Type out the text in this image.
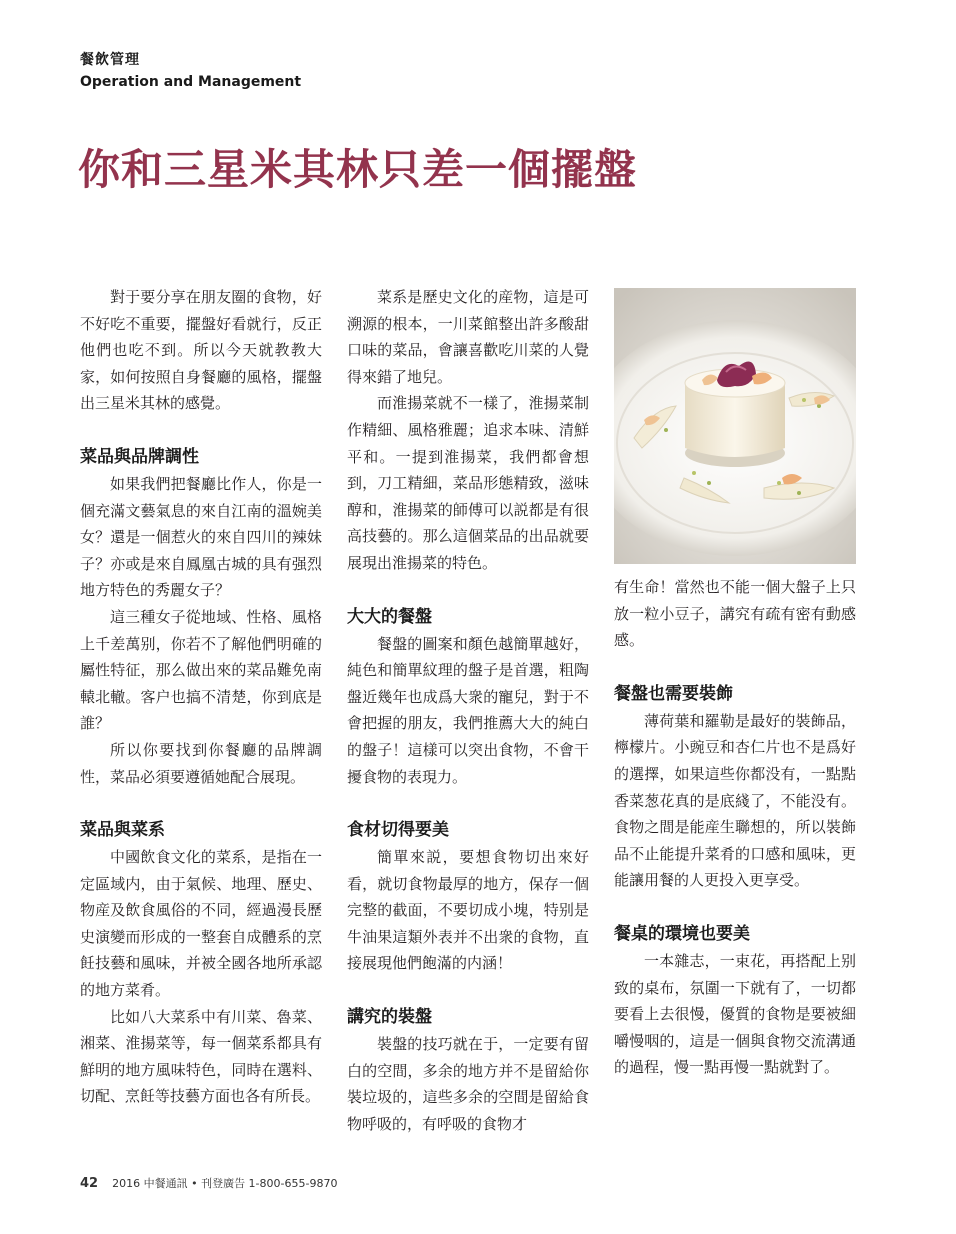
餐飲管理
Operation and Management
你和三星米其林只差一個擺盤

對于要分享在朋友圈的食物，好不好吃不重要，擺盤好看就行，反正他們也吃不到。所以今天就教教大家，如何按照自身餐廳的風格，擺盤出三星米其林的感覺。

菜品與品牌調性

如果我們把餐廳比作人，你是一個充滿文藝氣息的來自江南的溫婉美女？還是一個惹火的來自四川的辣妹子？亦或是來自鳳凰古城的具有强烈地方特色的秀麗女子？

這三種女子從地域、性格、風格上千差萬别，你若不了解他們明確的屬性特征，那么做出來的菜品難免南轅北轍。客户也搞不清楚，你到底是誰？

所以你要找到你餐廳的品牌調性，菜品必須要遵循她配合展現。

菜品與菜系

中國飲食文化的菜系，是指在一定區域内，由于氣候、地理、歷史、物産及飲食風俗的不同，經過漫長歷史演變而形成的一整套自成體系的烹飪技藝和風味，并被全國各地所承認的地方菜肴。

比如八大菜系中有川菜、魯菜、湘菜、淮揚菜等，每一個菜系都具有鮮明的地方風味特色，同時在選料、切配、烹飪等技藝方面也各有所長。

菜系是歷史文化的産物，這是可溯源的根本，一川菜館整出許多酸甜口味的菜品，會讓喜歡吃川菜的人覺得來錯了地兒。

而淮揚菜就不一樣了，淮揚菜制作精細、風格雅麗；追求本味、清鮮平和。一提到淮揚菜，我們都會想到，刀工精細，菜品形態精致，滋味醇和，淮揚菜的師傅可以説都是有很高技藝的。那么這個菜品的出品就要展現出淮揚菜的特色。

大大的餐盤

餐盤的圖案和顏色越簡單越好，純色和簡單紋理的盤子是首選，粗陶盤近幾年也成爲大衆的寵兒，對于不會把握的朋友，我們推薦大大的純白的盤子！這樣可以突出食物，不會干擾食物的表現力。

食材切得要美

簡單來説，要想食物切出來好看，就切食物最厚的地方，保存一個完整的截面，不要切成小塊，特别是牛油果這類外表并不出衆的食物，直接展現他們飽滿的内涵！

講究的裝盤

裝盤的技巧就在于，一定要有留白的空間，多余的地方并不是留給你裝垃圾的，這些多余的空間是留給食物呼吸的，有呼吸的食物才

有生命！當然也不能一個大盤子上只放一粒小豆子，講究有疏有密有動感感。

餐盤也需要裝飾

薄荷葉和羅勒是最好的裝飾品，檸檬片。小豌豆和杏仁片也不是爲好的選擇，如果這些你都没有，一點點香菜葱花真的是底綫了，不能没有。食物之間是能産生聯想的，所以裝飾品不止能提升菜肴的口感和風味，更能讓用餐的人更投入更享受。

餐桌的環境也要美

一本雜志，一束花，再搭配上别致的桌布，氛圍一下就有了，一切都要看上去很慢，優質的食物是要被細嚼慢咽的，這是一個與食物交流溝通的過程，慢一點再慢一點就對了。

42 2016 中餐通訊 • 刊登廣告 1-800-655-9870
